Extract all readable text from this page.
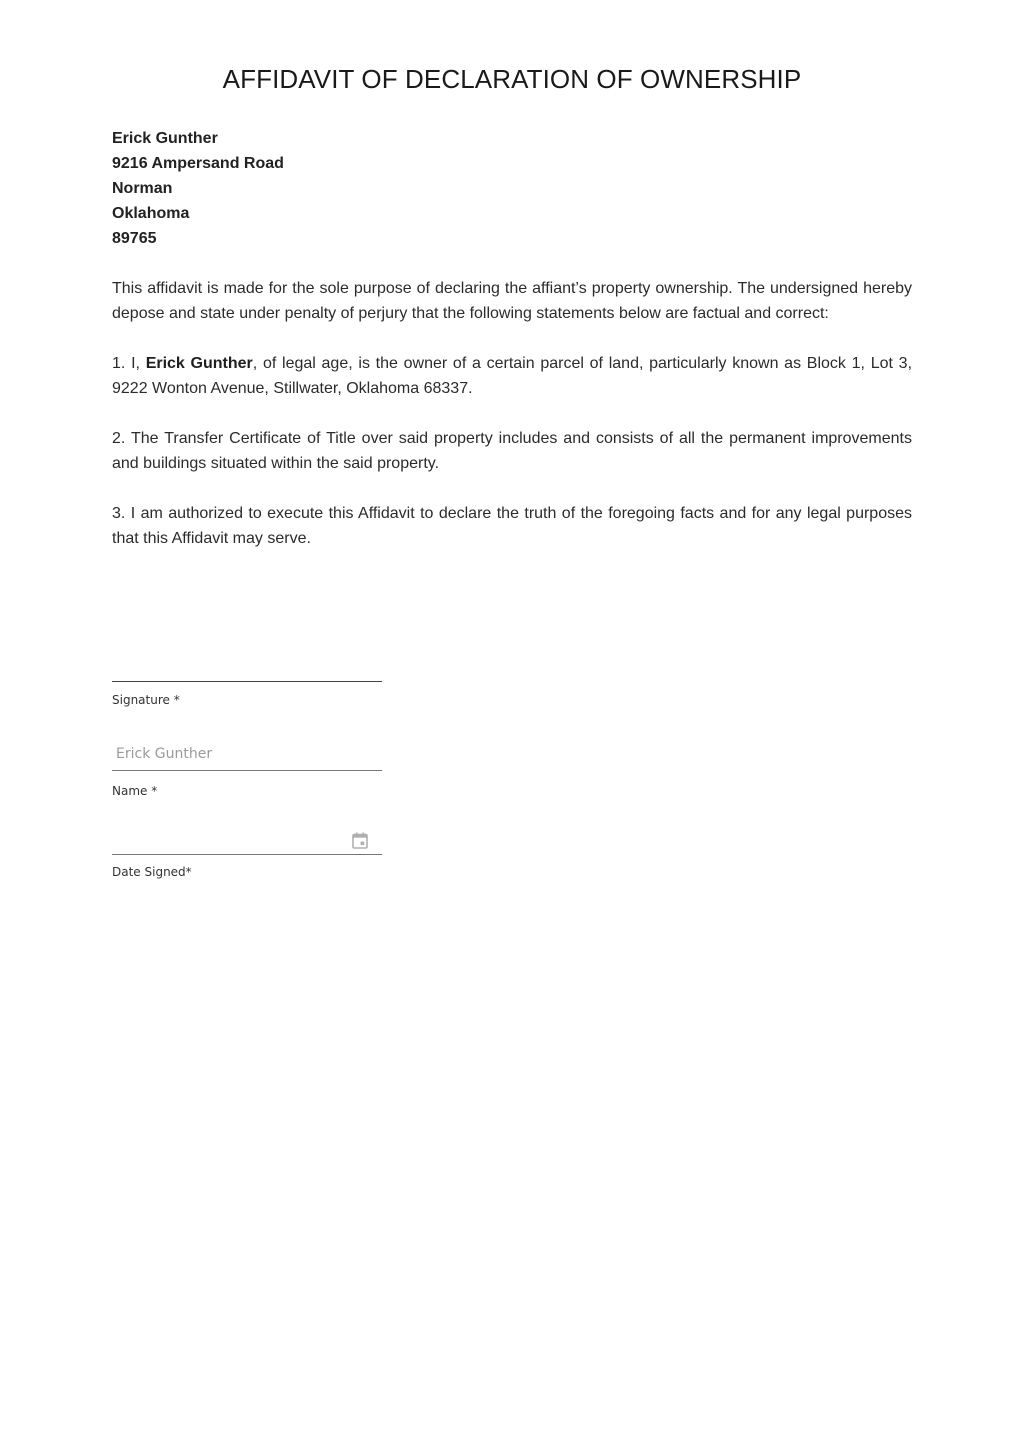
AFFIDAVIT OF DECLARATION OF OWNERSHIP
Erick Gunther
9216 Ampersand Road
Norman
Oklahoma
89765

This affidavit is made for the sole purpose of declaring the affiant’s property ownership. The undersigned hereby depose and state under penalty of perjury that the following statements below are factual and correct:

1. I, Erick Gunther, of legal age, is the owner of a certain parcel of land, particularly known as Block 1, Lot 3, 9222 Wonton Avenue, Stillwater, Oklahoma 68337.

2. The Transfer Certificate of Title over said property includes and consists of all the permanent improvements and buildings situated within the said property.

3. I am authorized to execute this Affidavit to declare the truth of the foregoing facts and for any legal purposes that this Affidavit may serve.

Signature *
Erick Gunther
Name *
Date Signed*
